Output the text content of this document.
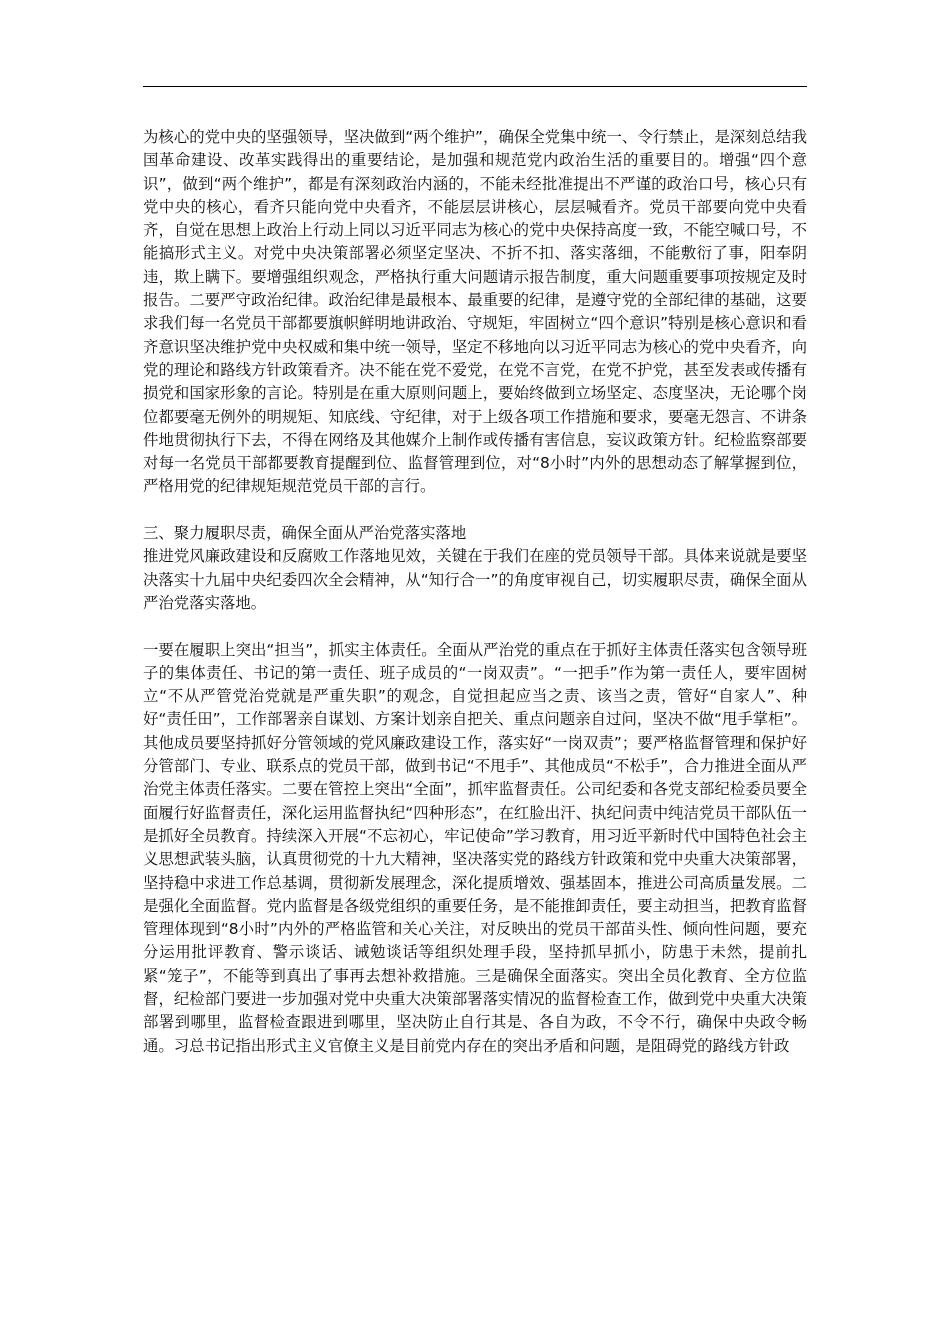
为核心的党中央的坚强领导，坚决做到“两个维护”，确保全党集中统一、令行禁止，是深刻总结我国革命建设、改革实践得出的重要结论，是加强和规范党内政治生活的重要目的。增强“四个意识”，做到“两个维护”，都是有深刻政治内涵的，不能未经批准提出不严谨的政治口号，核心只有党中央的核心，看齐只能向党中央看齐，不能层层讲核心，层层喊看齐。党员干部要向党中央看齐，自觉在思想上政治上行动上同以习近平同志为核心的党中央保持高度一致，不能空喊口号，不能搞形式主义。对党中央决策部署必须坚定坚决、不折不扣、落实落细，不能敷衍了事，阳奉阴违，欺上瞒下。要增强组织观念，严格执行重大问题请示报告制度，重大问题重要事项按规定及时报告。二要严守政治纪律。政治纪律是最根本、最重要的纪律，是遵守党的全部纪律的基础，这要求我们每一名党员干部都要旗帜鲜明地讲政治、守规矩，牢固树立“四个意识”特别是核心意识和看齐意识坚决维护党中央权威和集中统一领导，坚定不移地向以习近平同志为核心的党中央看齐，向党的理论和路线方针政策看齐。决不能在党不爱党，在党不言党，在党不护党，甚至发表或传播有损党和国家形象的言论。特别是在重大原则问题上，要始终做到立场坚定、态度坚决，无论哪个岗位都要毫无例外的明规矩、知底线、守纪律，对于上级各项工作措施和要求，要毫无怨言、不讲条件地贯彻执行下去，不得在网络及其他媒介上制作或传播有害信息，妄议政策方针。纪检监察部要对每一名党员干部都要教育提醒到位、监督管理到位，对“8小时”内外的思想动态了解掌握到位，严格用党的纪律规矩规范党员干部的言行。

三、聚力履职尽责，确保全面从严治党落实落地

推进党风廉政建设和反腐败工作落地见效，关键在于我们在座的党员领导干部。具体来说就是要坚决落实十九届中央纪委四次全会精神，从“知行合一”的角度审视自己，切实履职尽责，确保全面从严治党落实落地。

一要在履职上突出“担当”，抓实主体责任。全面从严治党的重点在于抓好主体责任落实包含领导班子的集体责任、书记的第一责任、班子成员的“一岗双责”。“一把手”作为第一责任人，要牢固树立“不从严管党治党就是严重失职”的观念，自觉担起应当之责、该当之责，管好“自家人”、种好“责任田”，工作部署亲自谋划、方案计划亲自把关、重点问题亲自过问，坚决不做“甩手掌柜”。其他成员要坚持抓好分管领域的党风廉政建设工作，落实好“一岗双责”；要严格监督管理和保护好分管部门、专业、联系点的党员干部，做到书记“不甩手”、其他成员“不松手”，合力推进全面从严治党主体责任落实。二要在管控上突出“全面”，抓牢监督责任。公司纪委和各党支部纪检委员要全面履行好监督责任，深化运用监督执纪“四种形态”，在红脸出汗、执纪问责中纯洁党员干部队伍一是抓好全员教育。持续深入开展“不忘初心，牢记使命”学习教育，用习近平新时代中国特色社会主义思想武装头脑，认真贯彻党的十九大精神，坚决落实党的路线方针政策和党中央重大决策部署，坚持稳中求进工作总基调，贯彻新发展理念，深化提质增效、强基固本，推进公司高质量发展。二是强化全面监督。党内监督是各级党组织的重要任务，是不能推卸责任，要主动担当，把教育监督管理体现到“8小时”内外的严格监管和关心关注，对反映出的党员干部苗头性、倾向性问题，要充分运用批评教育、警示谈话、诫勉谈话等组织处理手段，坚持抓早抓小，防患于未然，提前扎紧“笼子”，不能等到真出了事再去想补救措施。三是确保全面落实。突出全员化教育、全方位监督，纪检部门要进一步加强对党中央重大决策部署落实情况的监督检查工作，做到党中央重大决策部署到哪里，监督检查跟进到哪里，坚决防止自行其是、各自为政，不令不行，确保中央政令畅通。习总书记指出形式主义官僚主义是目前党内存在的突出矛盾和问题，是阻碍党的路线方针政
